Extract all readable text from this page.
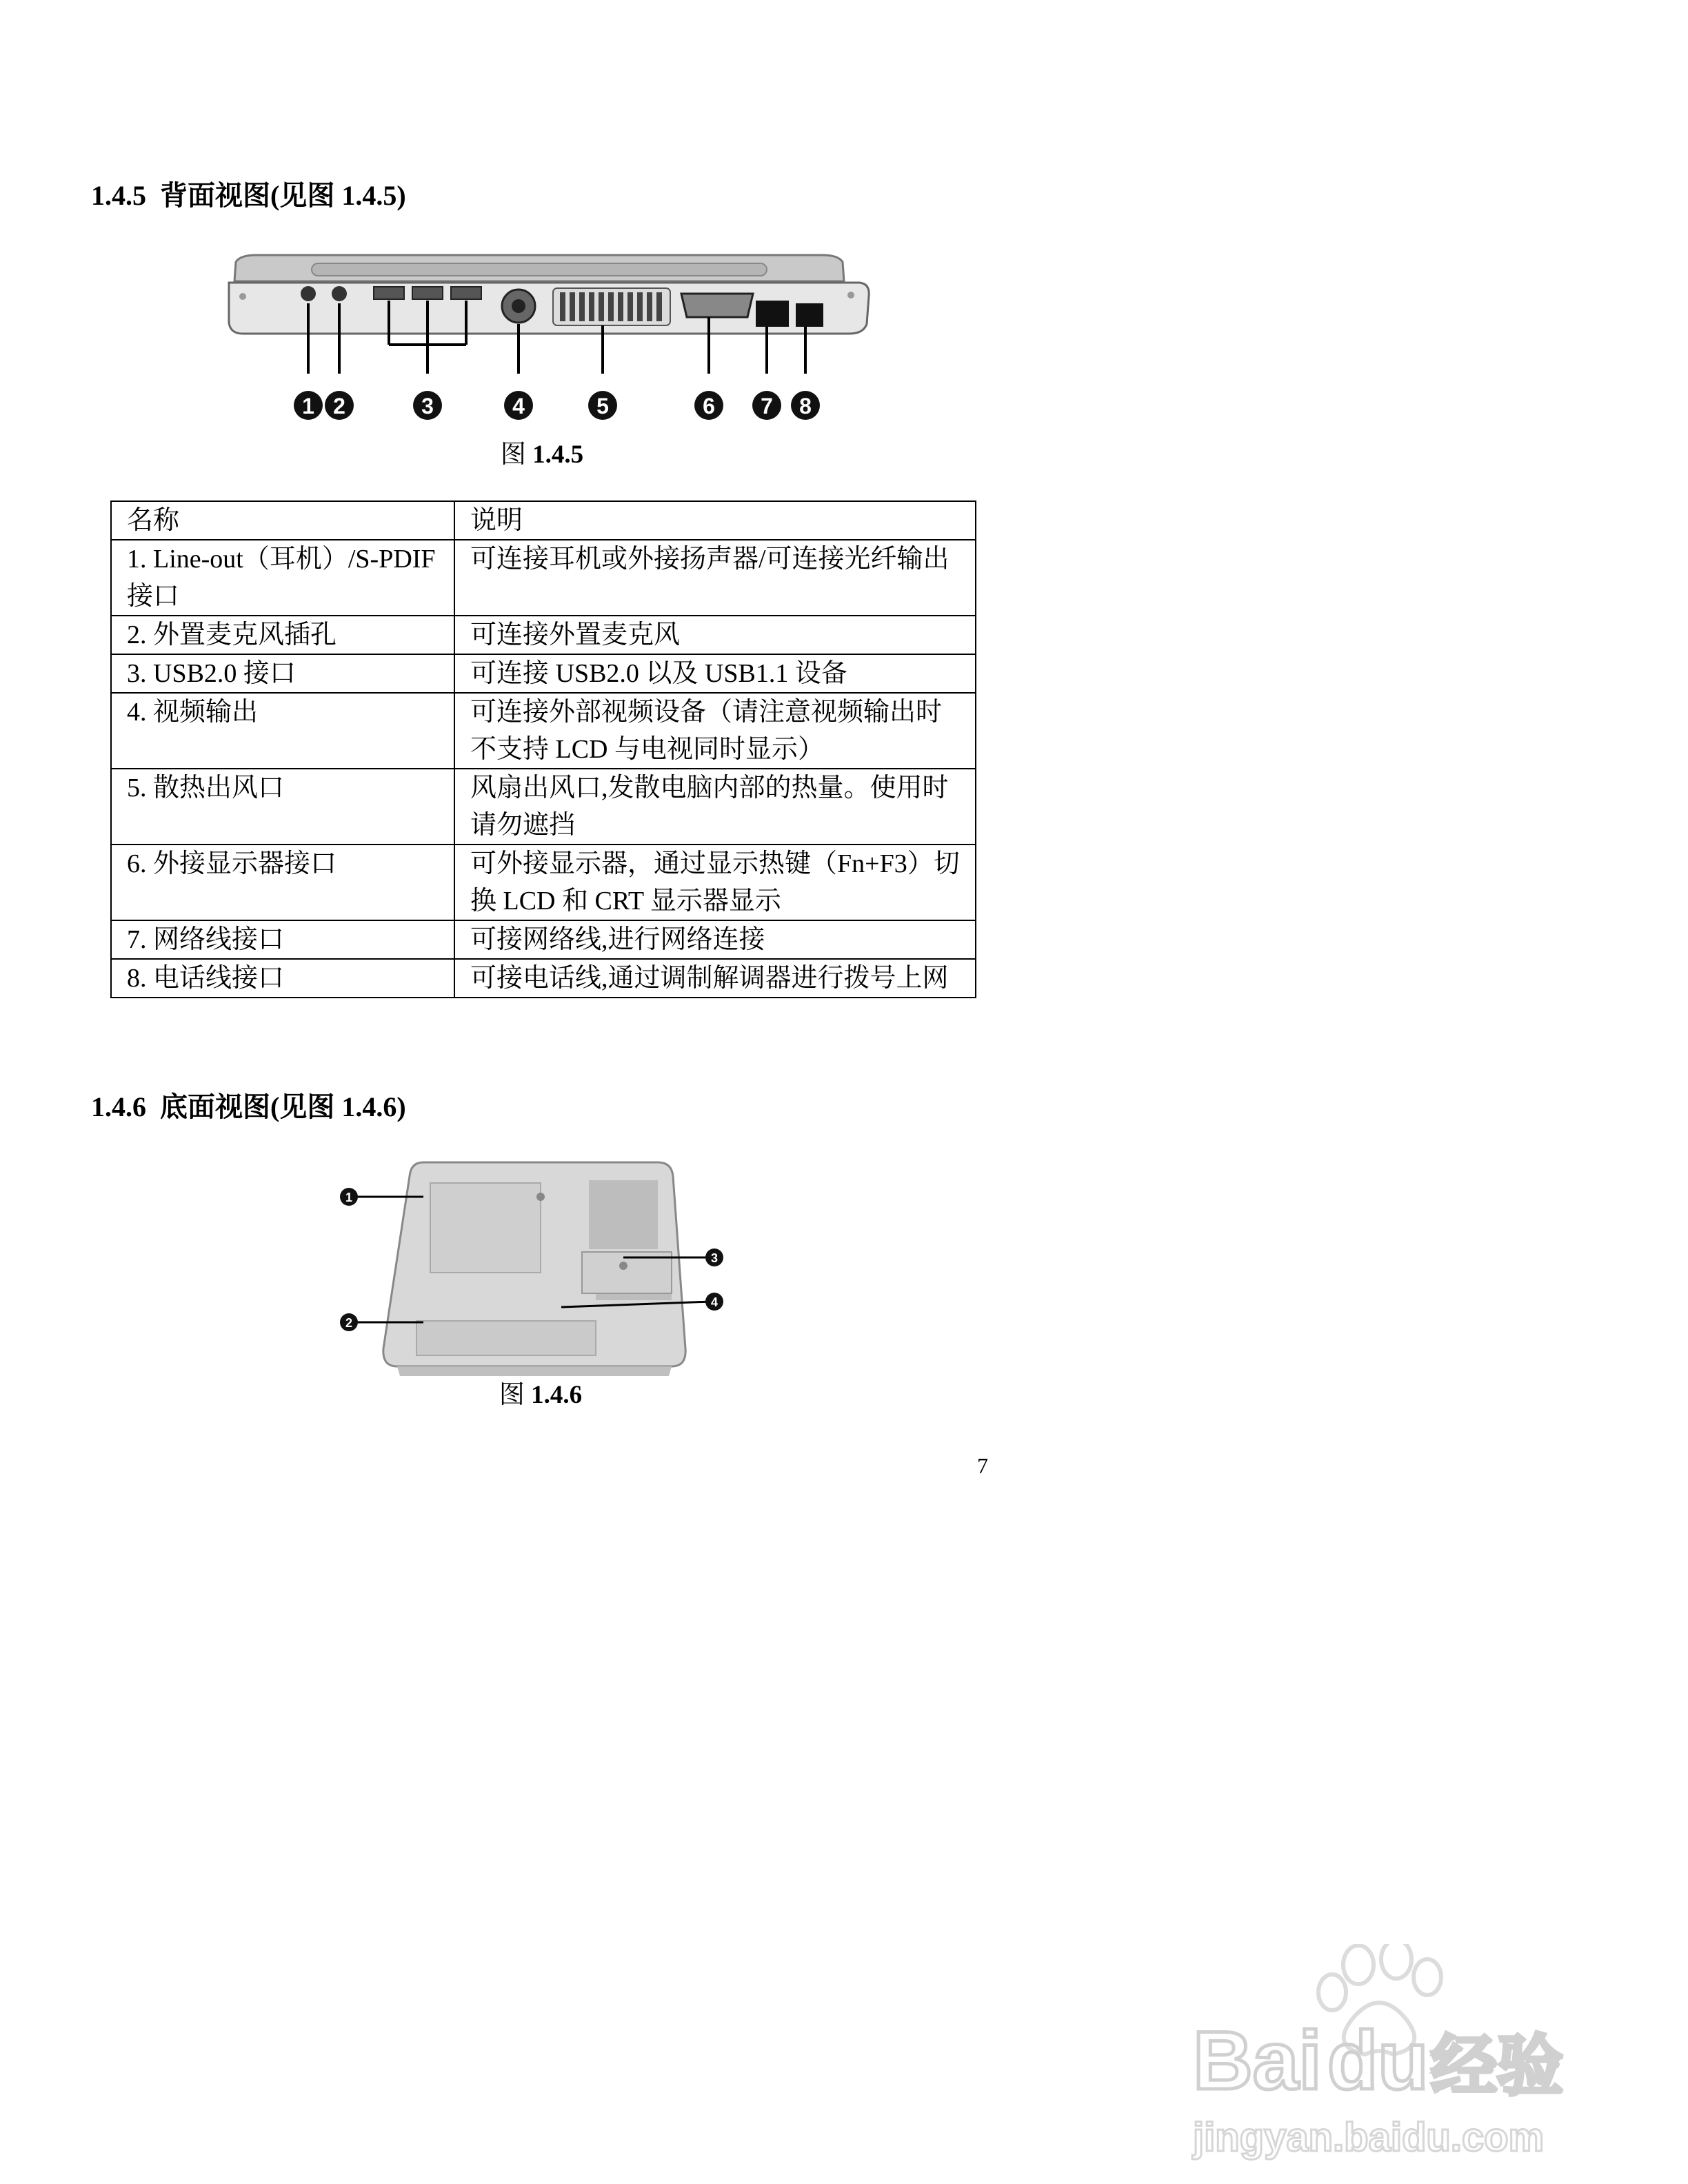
1.4.5 背面视图(见图 1.4.5)
1 2	3	4	5	6 7 8
图 1.4.5
名称	说明
1. Line-out（耳机）/S-PDIF 接口	可连接耳机或外接扬声器/可连接光纤输出
2. 外置麦克风插孔	可连接外置麦克风
3. USB2.0 接口	可连接 USB2.0 以及 USB1.1 设备
4. 视频输出	可连接外部视频设备（请注意视频输出时不支持 LCD 与电视同时显示）
5. 散热出风口	风扇出风口,发散电脑内部的热量。使用时请勿遮挡
6. 外接显示器接口	可外接显示器，通过显示热键（Fn+F3）切换 LCD 和 CRT 显示器显示
7. 网络线接口	可接网络线,进行网络连接
8. 电话线接口	可接电话线,通过调制解调器进行拨号上网
1.4.6 底面视图(见图 1.4.6)
1
2
3
4
图 1.4.6
7
Bai du 经验
jingyan.baidu.com
